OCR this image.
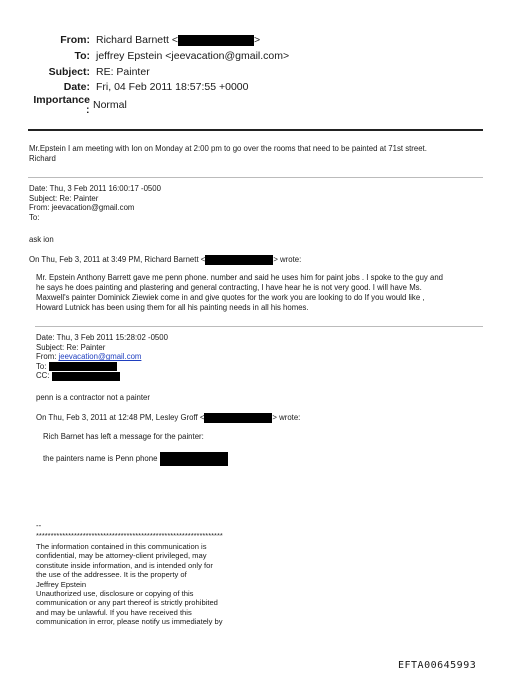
From: Richard Barnett <	>
To: jeffrey Epstein <jeevacation@gmail.com>
Subject: RE: Painter
Date: Fri, 04 Feb 2011 18:57:55 +0000
Importance
: Normal
Mr.Epstein I am meeting with Ion on Monday at 2:00 pm to go over the rooms that need to be painted at 71st street.
Richard
Date: Thu, 3 Feb 2011 16:00:17 -0500
Subject: Re: Painter
From: jeevacation@gmail.com
To:
ask ion
On Thu, Feb 3, 2011 at 3:49 PM, Richard Barnett <	> wrote:
Mr. Epstein Anthony Barrett gave me penn phone. number and said he uses him for paint jobs . I spoke to the guy and
he says he does painting and plastering and general contracting, I have hear he is not very good. I will have Ms.
Maxwell's painter Dominick Ziewiek come in and give quotes for the work you are looking to do If you would like ,
Howard Lutnick has been using them for all his painting needs in all his homes.
Date: Thu, 3 Feb 2011 15:28:02 -0500
Subject: Re: Painter
From: jeevacation@gmail.com
To:
CC:
penn is a contractor not a painter
On Thu, Feb 3, 2011 at 12:48 PM, Lesley Groff <	> wrote:
Rich Barnet has left a message for the painter:
the painters name is Penn phone
--
****************************************************************
The information contained in this communication is
confidential, may be attorney-client privileged, may
constitute inside information, and is intended only for
the use of the addressee. It is the property of
Jeffrey Epstein
Unauthorized use, disclosure or copying of this
communication or any part thereof is strictly prohibited
and may be unlawful. If you have received this
communication in error, please notify us immediately by
EFTA00645993
